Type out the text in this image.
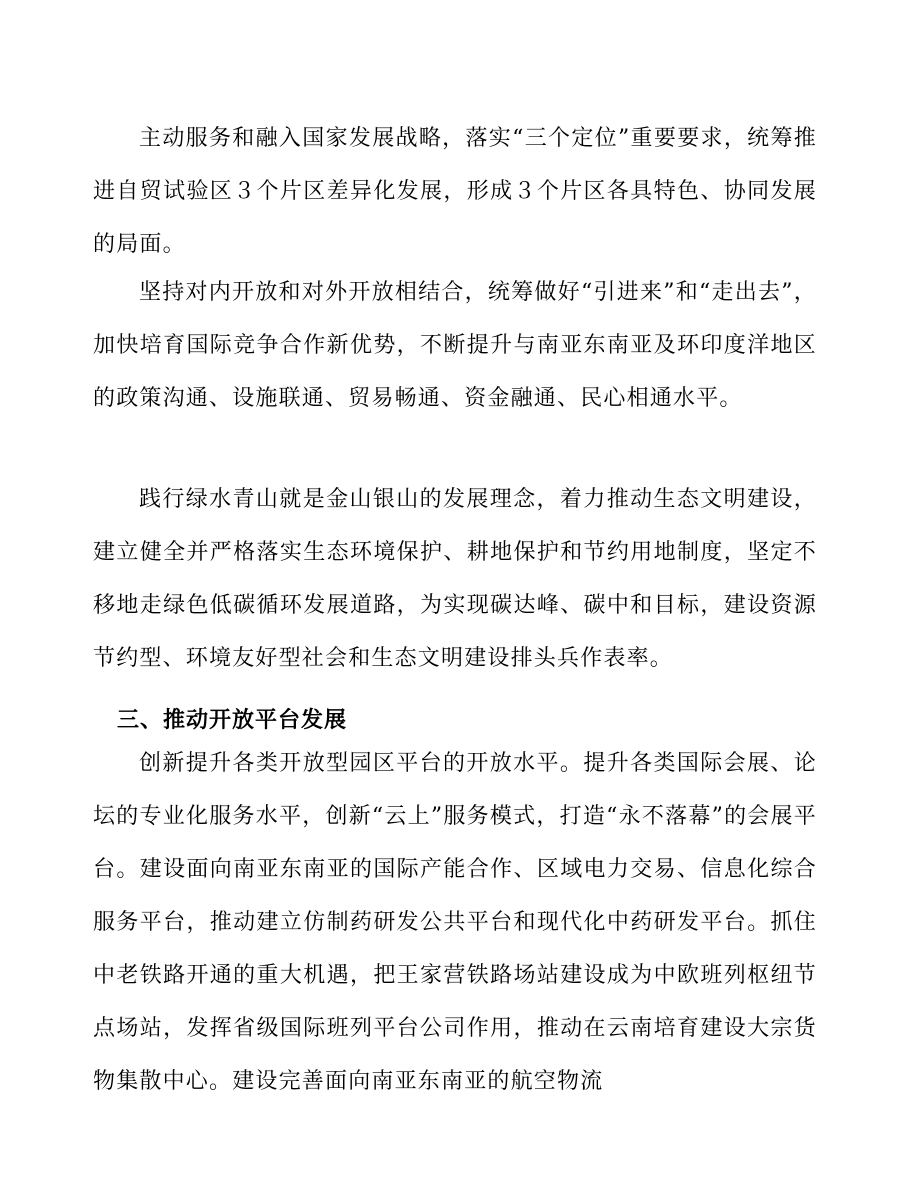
主动服务和融入国家发展战略，落实“三个定位”重要要求，统筹推进自贸试验区３个片区差异化发展，形成３个片区各具特色、协同发展的局面。

坚持对内开放和对外开放相结合，统筹做好“引进来”和“走出去”，加快培育国际竞争合作新优势，不断提升与南亚东南亚及环印度洋地区的政策沟通、设施联通、贸易畅通、资金融通、民心相通水平。

践行绿水青山就是金山银山的发展理念，着力推动生态文明建设，建立健全并严格落实生态环境保护、耕地保护和节约用地制度，坚定不移地走绿色低碳循环发展道路，为实现碳达峰、碳中和目标，建设资源节约型、环境友好型社会和生态文明建设排头兵作表率。

三、推动开放平台发展

创新提升各类开放型园区平台的开放水平。提升各类国际会展、论坛的专业化服务水平，创新“云上”服务模式，打造“永不落幕”的会展平台。建设面向南亚东南亚的国际产能合作、区域电力交易、信息化综合服务平台，推动建立仿制药研发公共平台和现代化中药研发平台。抓住中老铁路开通的重大机遇，把王家营铁路场站建设成为中欧班列枢纽节点场站，发挥省级国际班列平台公司作用，推动在云南培育建设大宗货物集散中心。建设完善面向南亚东南亚的航空物流
